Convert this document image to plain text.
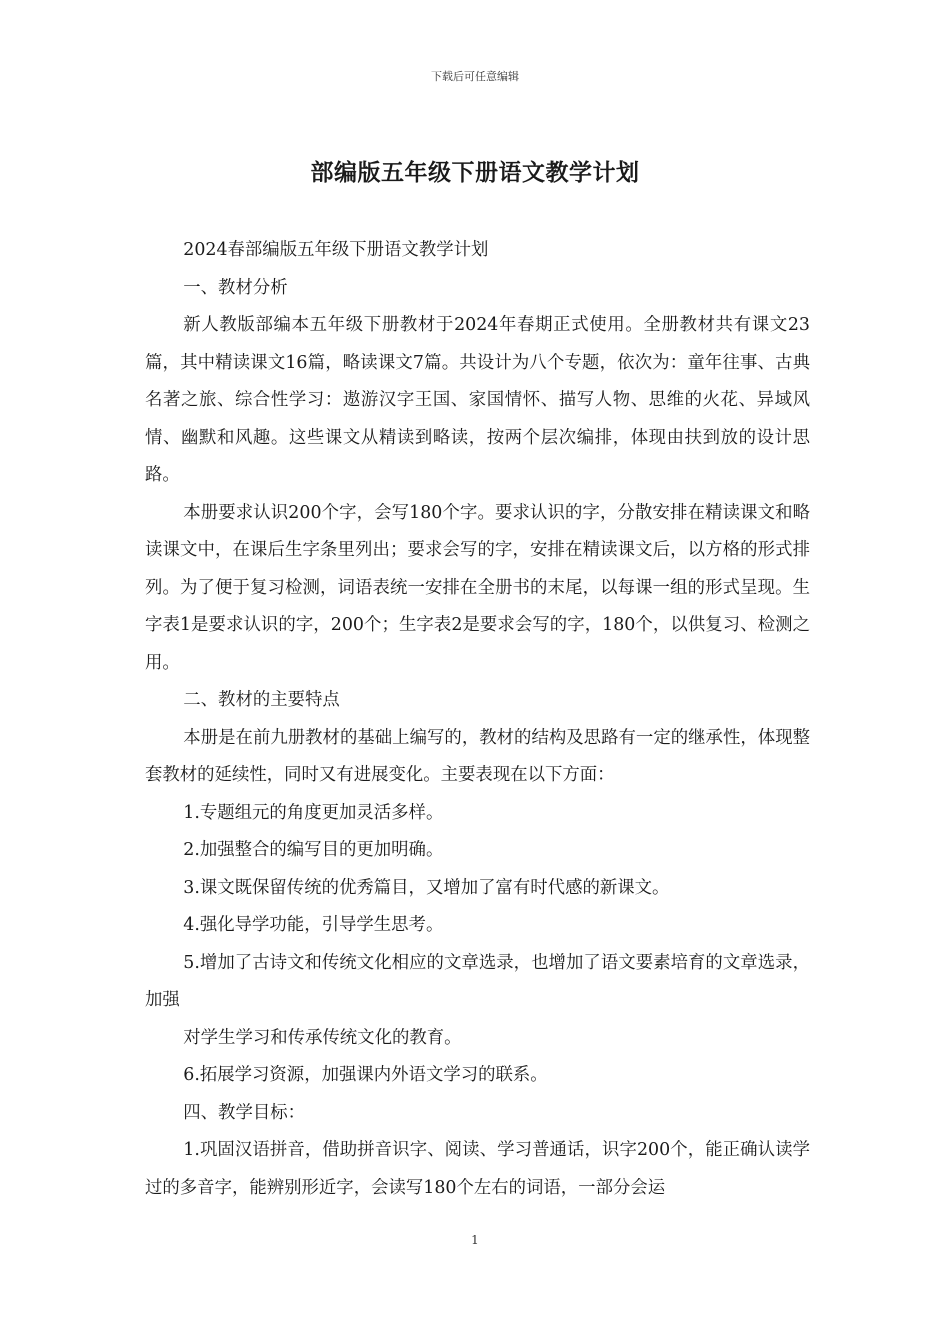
下载后可任意编辑
部编版五年级下册语文教学计划

2024春部编版五年级下册语文教学计划

一、教材分析

新人教版部编本五年级下册教材于2024年春期正式使用。全册教材共有课文23篇，其中精读课文16篇，略读课文7篇。共设计为八个专题，依次为：童年往事、古典名著之旅、综合性学习：遨游汉字王国、家国情怀、描写人物、思维的火花、异域风情、幽默和风趣。这些课文从精读到略读，按两个层次编排，体现由扶到放的设计思路。

本册要求认识200个字，会写180个字。要求认识的字，分散安排在精读课文和略读课文中，在课后生字条里列出；要求会写的字，安排在精读课文后，以方格的形式排列。为了便于复习检测，词语表统一安排在全册书的末尾，以每课一组的形式呈现。生字表1是要求认识的字，200个；生字表2是要求会写的字，180个，以供复习、检测之用。

二、教材的主要特点

本册是在前九册教材的基础上编写的，教材的结构及思路有一定的继承性，体现整套教材的延续性，同时又有进展变化。主要表现在以下方面：

1.专题组元的角度更加灵活多样。

2.加强整合的编写目的更加明确。

3.课文既保留传统的优秀篇目，又增加了富有时代感的新课文。

4.强化导学功能，引导学生思考。

5.增加了古诗文和传统文化相应的文章选录，也增加了语文要素培育的文章选录，加强

对学生学习和传承传统文化的教育。

6.拓展学习资源，加强课内外语文学习的联系。

四、教学目标：

1.巩固汉语拼音，借助拼音识字、阅读、学习普通话，识字200个，能正确认读学过的多音字，能辨别形近字，会读写180个左右的词语，一部分会运

1
